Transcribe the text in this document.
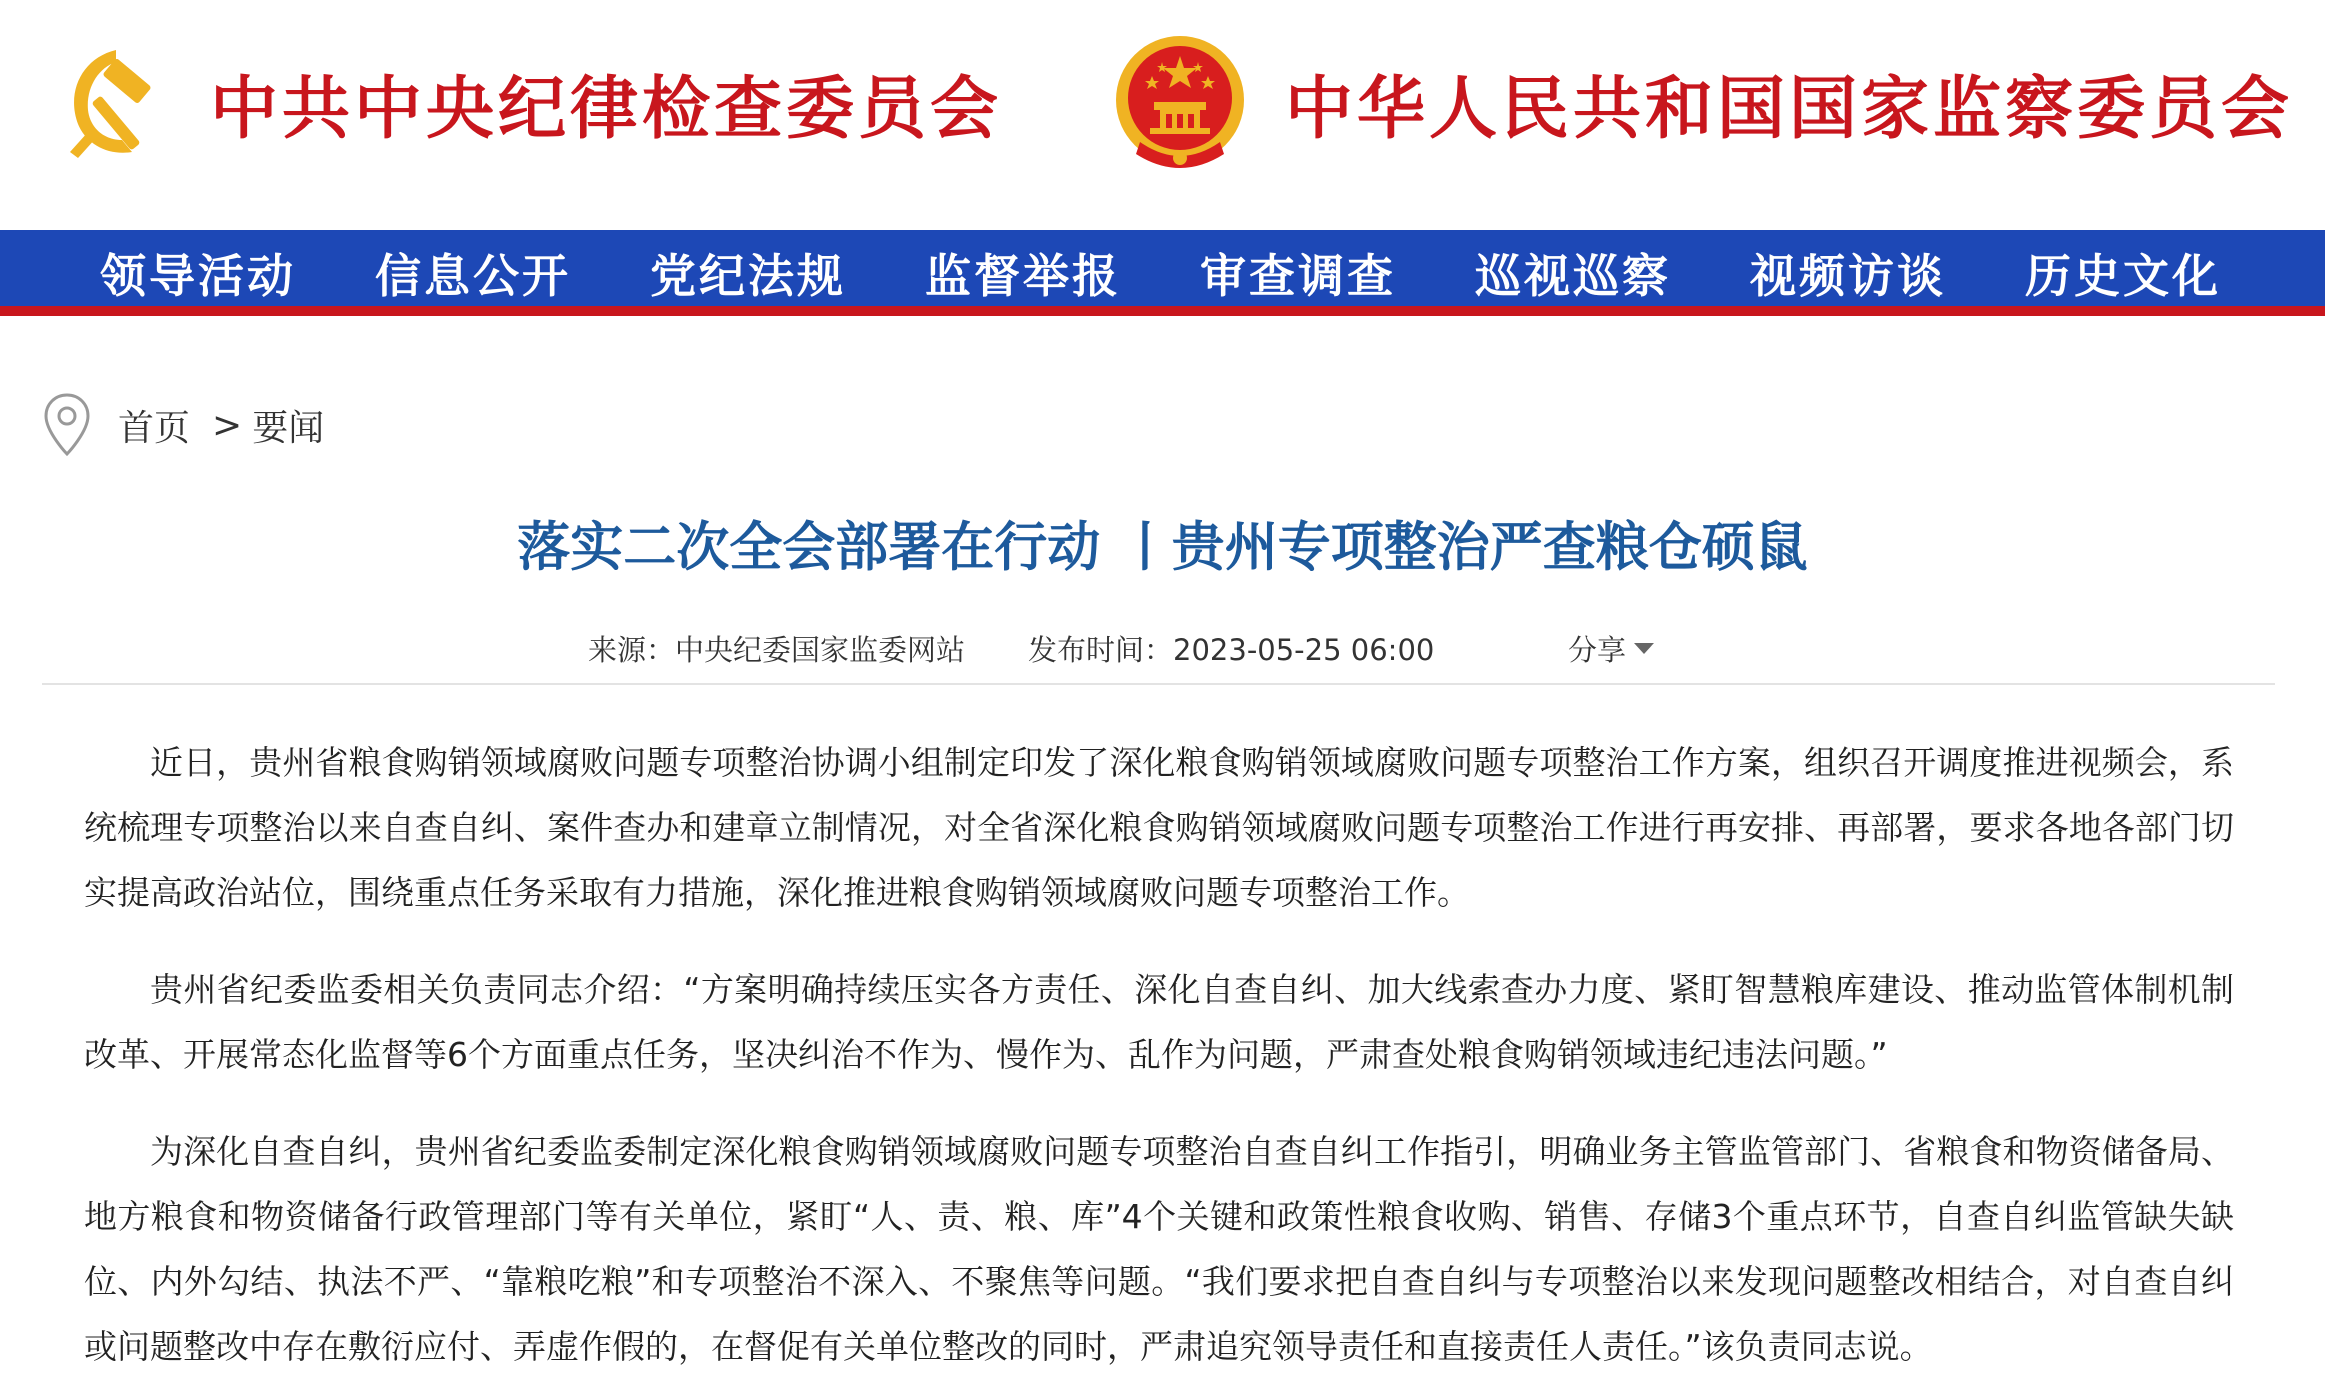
中共中央纪律检查委员会	中华人民共和国国家监察委员会
领导活动	信息公开	党纪法规	监督举报	审查调查	巡视巡察	视频访谈	历史文化
首页 > 要闻
落实二次全会部署在行动 丨贵州专项整治严查粮仓硕鼠
来源：中央纪委国家监委网站 发布时间：2023-05-25 06:00	分享

近日，贵州省粮食购销领域腐败问题专项整治协调小组制定印发了深化粮食购销领域腐败问题专项整治工作方案，组织召开调度推进视频会，系统梳理专项整治以来自查自纠、案件查办和建章立制情况，对全省深化粮食购销领域腐败问题专项整治工作进行再安排、再部署，要求各地各部门切实提高政治站位，围绕重点任务采取有力措施，深化推进粮食购销领域腐败问题专项整治工作。

贵州省纪委监委相关负责同志介绍：“方案明确持续压实各方责任、深化自查自纠、加大线索查办力度、紧盯智慧粮库建设、推动监管体制机制改革、开展常态化监督等6个方面重点任务，坚决纠治不作为、慢作为、乱作为问题，严肃查处粮食购销领域违纪违法问题。”

为深化自查自纠，贵州省纪委监委制定深化粮食购销领域腐败问题专项整治自查自纠工作指引，明确业务主管监管部门、省粮食和物资储备局、地方粮食和物资储备行政管理部门等有关单位，紧盯“人、责、粮、库”4个关键和政策性粮食收购、销售、存储3个重点环节，自查自纠监管缺失缺位、内外勾结、执法不严、“靠粮吃粮”和专项整治不深入、不聚焦等问题。“我们要求把自查自纠与专项整治以来发现问题整改相结合，对自查自纠或问题整改中存在敷衍应付、弄虚作假的，在督促有关单位整改的同时，严肃追究领导责任和直接责任人责任。”该负责同志说。
